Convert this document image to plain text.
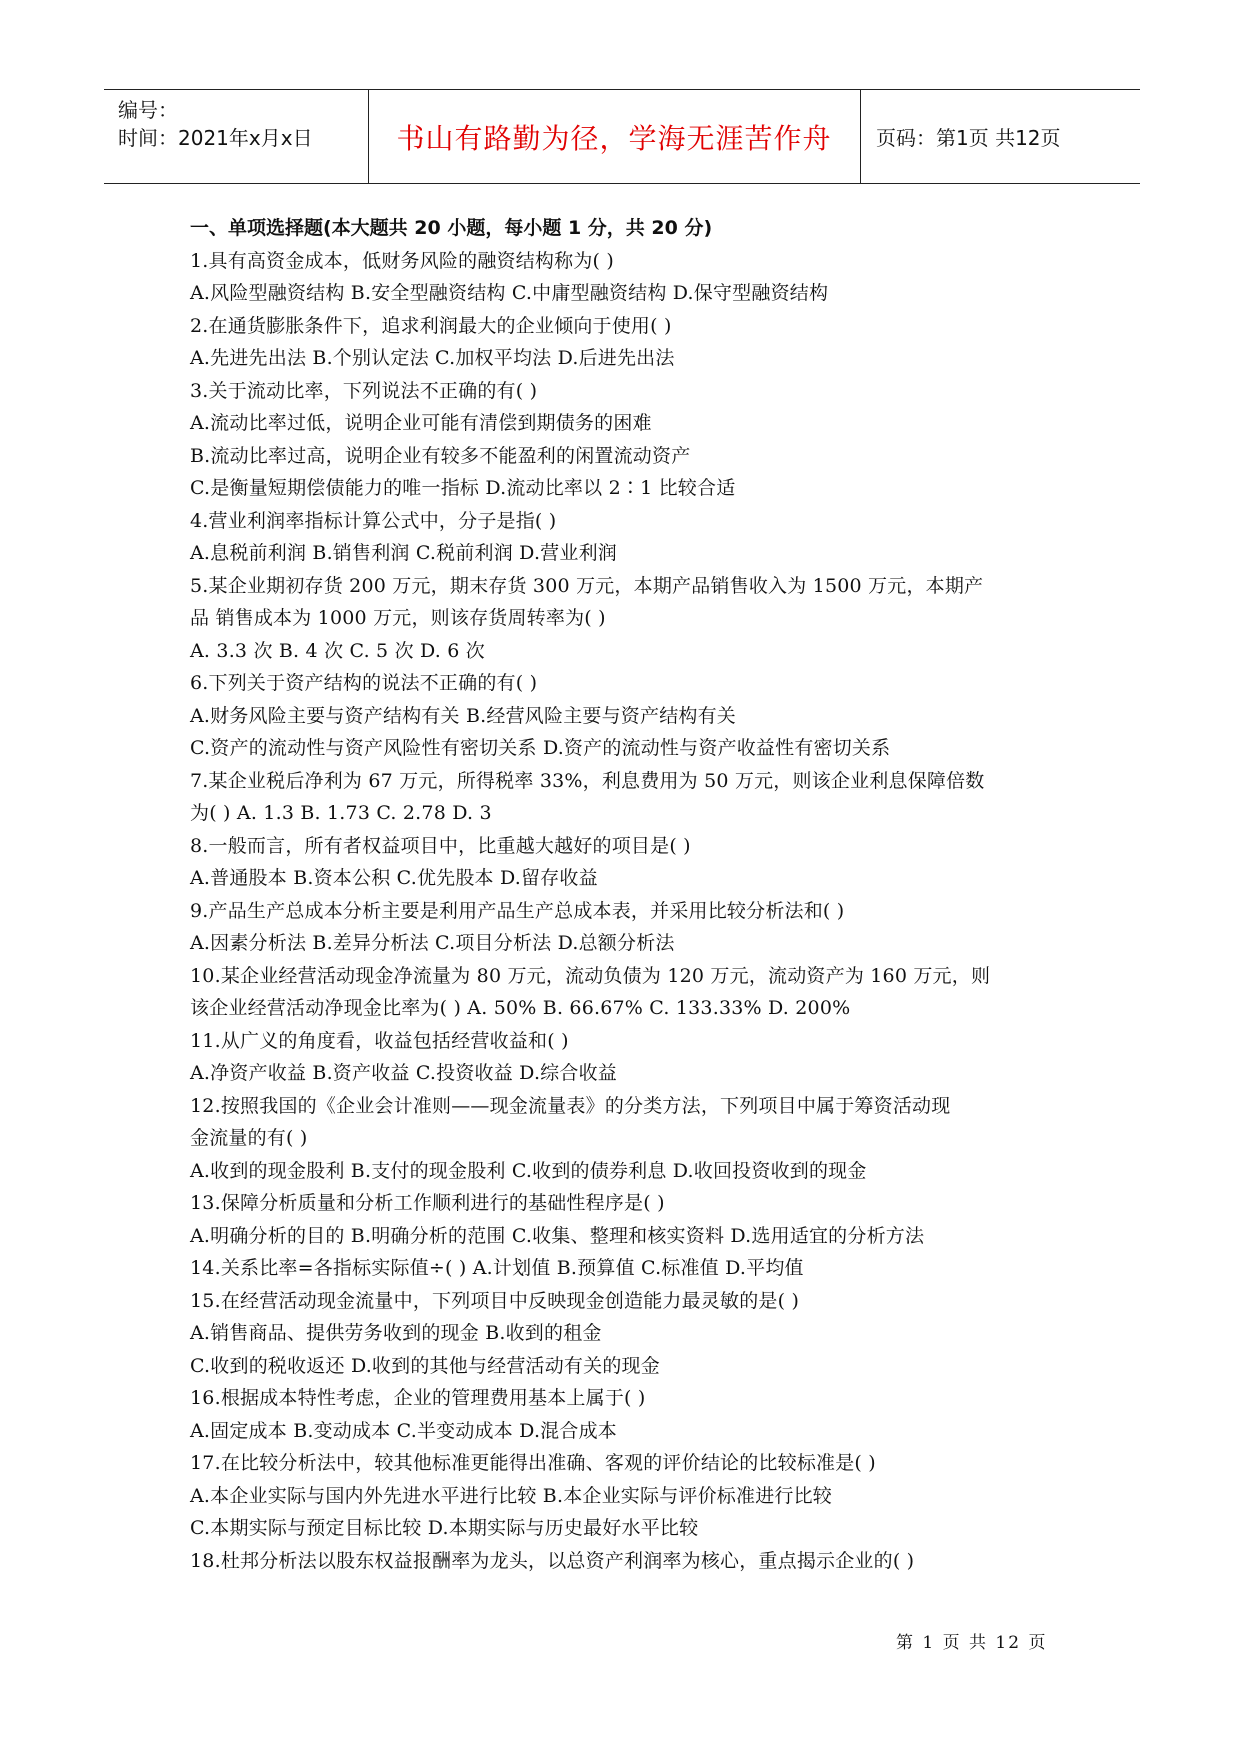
编号：
时间：2021年x月x日	书山有路勤为径，学海无涯苦作舟	页码：第1页 共12页
一、单项选择题(本大题共 20 小题，每小题 1 分，共 20 分)
1.具有高资金成本，低财务风险的融资结构称为( )
A.风险型融资结构 B.安全型融资结构 C.中庸型融资结构 D.保守型融资结构
2.在通货膨胀条件下，追求利润最大的企业倾向于使用( )
A.先进先出法 B.个别认定法 C.加权平均法 D.后进先出法
3.关于流动比率，下列说法不正确的有( )
A.流动比率过低，说明企业可能有清偿到期债务的困难
B.流动比率过高，说明企业有较多不能盈利的闲置流动资产
C.是衡量短期偿债能力的唯一指标 D.流动比率以 2∶1 比较合适
4.营业利润率指标计算公式中，分子是指( )
A.息税前利润 B.销售利润 C.税前利润 D.营业利润
5.某企业期初存货 200 万元，期末存货 300 万元，本期产品销售收入为 1500 万元，本期产
品 销售成本为 1000 万元，则该存货周转率为( )
A. 3.3 次 B. 4 次 C. 5 次 D. 6 次
6.下列关于资产结构的说法不正确的有( )
A.财务风险主要与资产结构有关 B.经营风险主要与资产结构有关
C.资产的流动性与资产风险性有密切关系 D.资产的流动性与资产收益性有密切关系
7.某企业税后净利为 67 万元，所得税率 33%，利息费用为 50 万元，则该企业利息保障倍数
为( ) A. 1.3 B. 1.73 C. 2.78 D. 3
8.一般而言，所有者权益项目中，比重越大越好的项目是( )
A.普通股本 B.资本公积 C.优先股本 D.留存收益
9.产品生产总成本分析主要是利用产品生产总成本表，并采用比较分析法和( )
A.因素分析法 B.差异分析法 C.项目分析法 D.总额分析法
10.某企业经营活动现金净流量为 80 万元，流动负债为 120 万元，流动资产为 160 万元，则
该企业经营活动净现金比率为( ) A. 50% B. 66.67% C. 133.33% D. 200%
11.从广义的角度看，收益包括经营收益和( )
A.净资产收益 B.资产收益 C.投资收益 D.综合收益
12.按照我国的《企业会计准则——现金流量表》的分类方法，下列项目中属于筹资活动现
金流量的有( )
A.收到的现金股利 B.支付的现金股利 C.收到的债券利息 D.收回投资收到的现金
13.保障分析质量和分析工作顺利进行的基础性程序是( )
A.明确分析的目的 B.明确分析的范围 C.收集、整理和核实资料 D.选用适宜的分析方法
14.关系比率=各指标实际值÷( ) A.计划值 B.预算值 C.标准值 D.平均值
15.在经营活动现金流量中，下列项目中反映现金创造能力最灵敏的是( )
A.销售商品、提供劳务收到的现金 B.收到的租金
C.收到的税收返还 D.收到的其他与经营活动有关的现金
16.根据成本特性考虑，企业的管理费用基本上属于( )
A.固定成本 B.变动成本 C.半变动成本 D.混合成本
17.在比较分析法中，较其他标准更能得出准确、客观的评价结论的比较标准是( )
A.本企业实际与国内外先进水平进行比较 B.本企业实际与评价标准进行比较
C.本期实际与预定目标比较 D.本期实际与历史最好水平比较
18.杜邦分析法以股东权益报酬率为龙头，以总资产利润率为核心，重点揭示企业的( )
第 1 页 共 12 页
